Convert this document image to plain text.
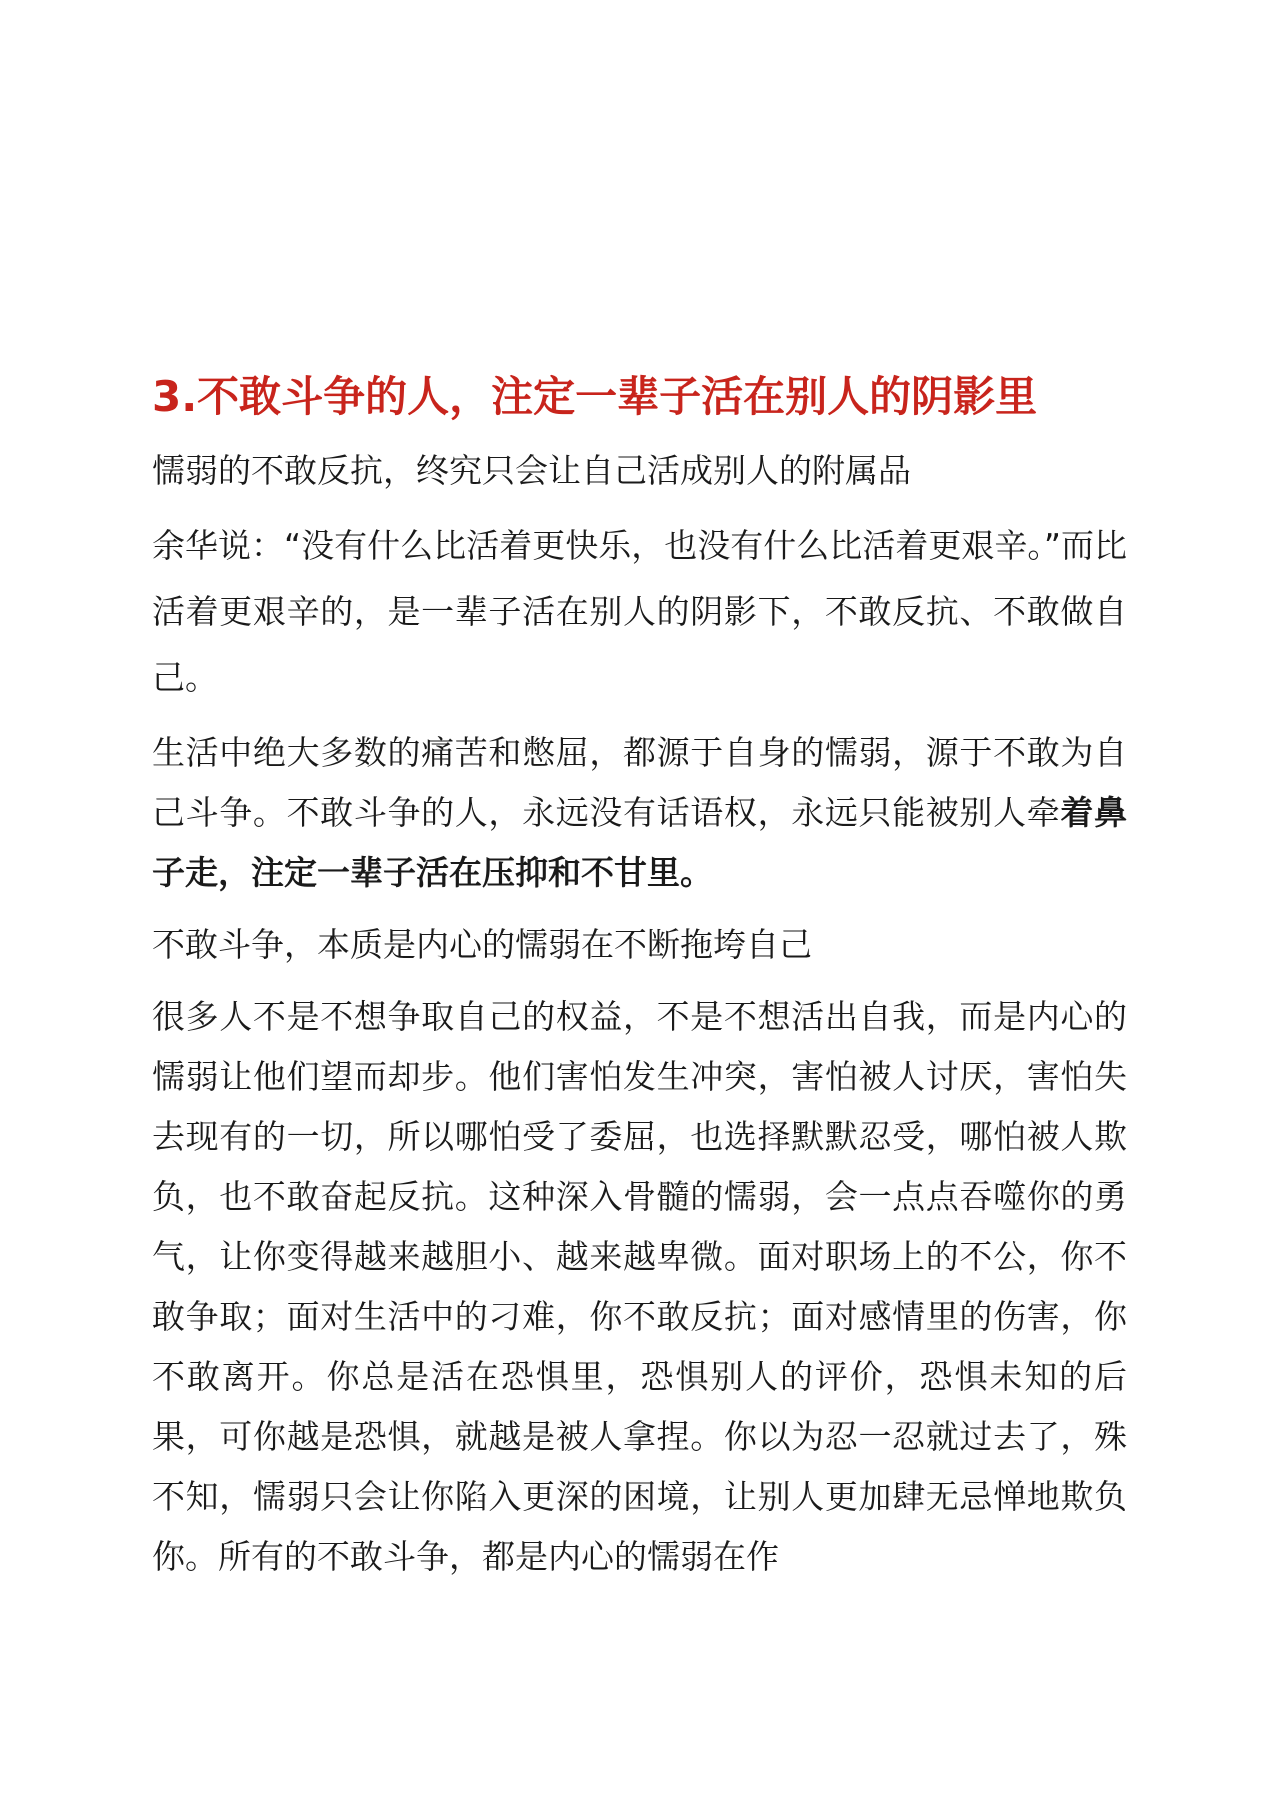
3.不敢斗争的人，注定一辈子活在别人的阴影里

懦弱的不敢反抗，终究只会让自己活成别人的附属品

余华说：“没有什么比活着更快乐，也没有什么比活着更艰辛。”而比活着更艰辛的，是一辈子活在别人的阴影下，不敢反抗、不敢做自己。

生活中绝大多数的痛苦和憋屈，都源于自身的懦弱，源于不敢为自己斗争。不敢斗争的人，永远没有话语权，永远只能被别人牵着鼻子走，注定一辈子活在压抑和不甘里。

不敢斗争，本质是内心的懦弱在不断拖垮自己

很多人不是不想争取自己的权益，不是不想活出自我，而是内心的懦弱让他们望而却步。他们害怕发生冲突，害怕被人讨厌，害怕失去现有的一切，所以哪怕受了委屈，也选择默默忍受，哪怕被人欺负，也不敢奋起反抗。这种深入骨髓的懦弱，会一点点吞噬你的勇气，让你变得越来越胆小、越来越卑微。面对职场上的不公，你不敢争取；面对生活中的刁难，你不敢反抗；面对感情里的伤害，你不敢离开。你总是活在恐惧里，恐惧别人的评价，恐惧未知的后果，可你越是恐惧，就越是被人拿捏。你以为忍一忍就过去了，殊不知，懦弱只会让你陷入更深的困境，让别人更加肆无忌惮地欺负你。所有的不敢斗争，都是内心的懦弱在作
